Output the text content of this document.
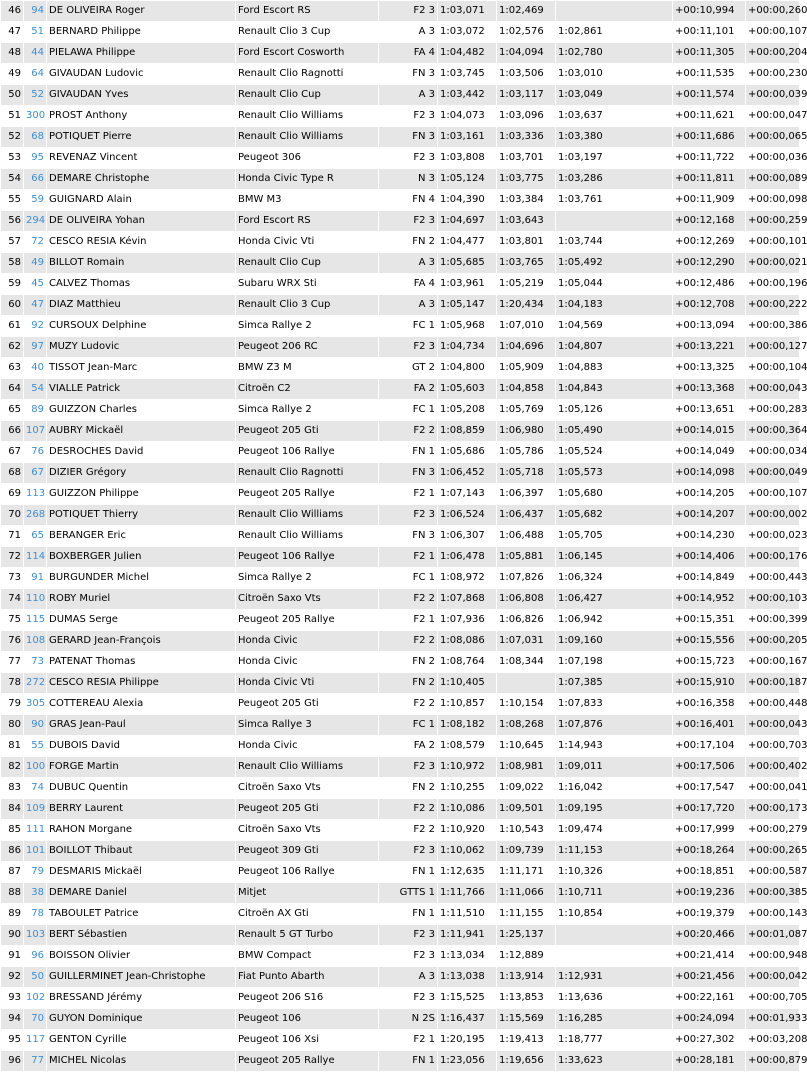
46	94	DE OLIVEIRA Roger	Ford Escort RS	F2 3	1:03,071	1:02,469		+00:10,994	+00:00,260
47	51	BERNARD Philippe	Renault Clio 3 Cup	A 3	1:03,072	1:02,576	1:02,861	+00:11,101	+00:00,107
48	44	PIELAWA Philippe	Ford Escort Cosworth	FA 4	1:04,482	1:04,094	1:02,780	+00:11,305	+00:00,204
49	64	GIVAUDAN Ludovic	Renault Clio Ragnotti	FN 3	1:03,745	1:03,506	1:03,010	+00:11,535	+00:00,230
50	52	GIVAUDAN Yves	Renault Clio Cup	A 3	1:03,442	1:03,117	1:03,049	+00:11,574	+00:00,039
51	300	PROST Anthony	Renault Clio Williams	F2 3	1:04,073	1:03,096	1:03,637	+00:11,621	+00:00,047
52	68	POTIQUET Pierre	Renault Clio Williams	FN 3	1:03,161	1:03,336	1:03,380	+00:11,686	+00:00,065
53	95	REVENAZ Vincent	Peugeot 306	F2 3	1:03,808	1:03,701	1:03,197	+00:11,722	+00:00,036
54	66	DEMARE Christophe	Honda Civic Type R	N 3	1:05,124	1:03,775	1:03,286	+00:11,811	+00:00,089
55	59	GUIGNARD Alain	BMW M3	FN 4	1:04,390	1:03,384	1:03,761	+00:11,909	+00:00,098
56	294	DE OLIVEIRA Yohan	Ford Escort RS	F2 3	1:04,697	1:03,643		+00:12,168	+00:00,259
57	72	CESCO RESIA Kévin	Honda Civic Vti	FN 2	1:04,477	1:03,801	1:03,744	+00:12,269	+00:00,101
58	49	BILLOT Romain	Renault Clio Cup	A 3	1:05,685	1:03,765	1:05,492	+00:12,290	+00:00,021
59	45	CALVEZ Thomas	Subaru WRX Sti	FA 4	1:03,961	1:05,219	1:05,044	+00:12,486	+00:00,196
60	47	DIAZ Matthieu	Renault Clio 3 Cup	A 3	1:05,147	1:20,434	1:04,183	+00:12,708	+00:00,222
61	92	CURSOUX Delphine	Simca Rallye 2	FC 1	1:05,968	1:07,010	1:04,569	+00:13,094	+00:00,386
62	97	MUZY Ludovic	Peugeot 206 RC	F2 3	1:04,734	1:04,696	1:04,807	+00:13,221	+00:00,127
63	40	TISSOT Jean-Marc	BMW Z3 M	GT 2	1:04,800	1:05,909	1:04,883	+00:13,325	+00:00,104
64	54	VIALLE Patrick	Citroën C2	FA 2	1:05,603	1:04,858	1:04,843	+00:13,368	+00:00,043
65	89	GUIZZON Charles	Simca Rallye 2	FC 1	1:05,208	1:05,769	1:05,126	+00:13,651	+00:00,283
66	107	AUBRY Mickaël	Peugeot 205 Gti	F2 2	1:08,859	1:06,980	1:05,490	+00:14,015	+00:00,364
67	76	DESROCHES David	Peugeot 106 Rallye	FN 1	1:05,686	1:05,786	1:05,524	+00:14,049	+00:00,034
68	67	DIZIER Grégory	Renault Clio Ragnotti	FN 3	1:06,452	1:05,718	1:05,573	+00:14,098	+00:00,049
69	113	GUIZZON Philippe	Peugeot 205 Rallye	F2 1	1:07,143	1:06,397	1:05,680	+00:14,205	+00:00,107
70	268	POTIQUET Thierry	Renault Clio Williams	F2 3	1:06,524	1:06,437	1:05,682	+00:14,207	+00:00,002
71	65	BERANGER Eric	Renault Clio Williams	FN 3	1:06,307	1:06,488	1:05,705	+00:14,230	+00:00,023
72	114	BOXBERGER Julien	Peugeot 106 Rallye	F2 1	1:06,478	1:05,881	1:06,145	+00:14,406	+00:00,176
73	91	BURGUNDER Michel	Simca Rallye 2	FC 1	1:08,972	1:07,826	1:06,324	+00:14,849	+00:00,443
74	110	ROBY Muriel	Citroën Saxo Vts	F2 2	1:07,868	1:06,808	1:06,427	+00:14,952	+00:00,103
75	115	DUMAS Serge	Peugeot 205 Rallye	F2 1	1:07,936	1:06,826	1:06,942	+00:15,351	+00:00,399
76	108	GERARD Jean-François	Honda Civic	F2 2	1:08,086	1:07,031	1:09,160	+00:15,556	+00:00,205
77	73	PATENAT Thomas	Honda Civic	FN 2	1:08,764	1:08,344	1:07,198	+00:15,723	+00:00,167
78	272	CESCO RESIA Philippe	Honda Civic Vti	FN 2	1:10,405		1:07,385	+00:15,910	+00:00,187
79	305	COTTEREAU Alexia	Peugeot 205 Gti	F2 2	1:10,857	1:10,154	1:07,833	+00:16,358	+00:00,448
80	90	GRAS Jean-Paul	Simca Rallye 3	FC 1	1:08,182	1:08,268	1:07,876	+00:16,401	+00:00,043
81	55	DUBOIS David	Honda Civic	FA 2	1:08,579	1:10,645	1:14,943	+00:17,104	+00:00,703
82	100	FORGE Martin	Renault Clio Williams	F2 3	1:10,972	1:08,981	1:09,011	+00:17,506	+00:00,402
83	74	DUBUC Quentin	Citroën Saxo Vts	FN 2	1:10,255	1:09,022	1:16,042	+00:17,547	+00:00,041
84	109	BERRY Laurent	Peugeot 205 Gti	F2 2	1:10,086	1:09,501	1:09,195	+00:17,720	+00:00,173
85	111	RAHON Morgane	Citroën Saxo Vts	F2 2	1:10,920	1:10,543	1:09,474	+00:17,999	+00:00,279
86	101	BOILLOT Thibaut	Peugeot 309 Gti	F2 3	1:10,062	1:09,739	1:11,153	+00:18,264	+00:00,265
87	79	DESMARIS Mickaël	Peugeot 106 Rallye	FN 1	1:12,635	1:11,171	1:10,326	+00:18,851	+00:00,587
88	38	DEMARE Daniel	Mitjet	GTTS 1	1:11,766	1:11,066	1:10,711	+00:19,236	+00:00,385
89	78	TABOULET Patrice	Citroën AX Gti	FN 1	1:11,510	1:11,155	1:10,854	+00:19,379	+00:00,143
90	103	BERT Sébastien	Renault 5 GT Turbo	F2 3	1:11,941	1:25,137		+00:20,466	+00:01,087
91	96	BOISSON Olivier	BMW Compact	F2 3	1:13,034	1:12,889		+00:21,414	+00:00,948
92	50	GUILLERMINET Jean-Christophe	Fiat Punto Abarth	A 3	1:13,038	1:13,914	1:12,931	+00:21,456	+00:00,042
93	102	BRESSAND Jérémy	Peugeot 206 S16	F2 3	1:15,525	1:13,853	1:13,636	+00:22,161	+00:00,705
94	70	GUYON Dominique	Peugeot 106	N 2S	1:16,437	1:15,569	1:16,285	+00:24,094	+00:01,933
95	117	GENTON Cyrille	Peugeot 106 Xsi	F2 1	1:20,195	1:19,413	1:18,777	+00:27,302	+00:03,208
96	77	MICHEL Nicolas	Peugeot 205 Rallye	FN 1	1:23,056	1:19,656	1:33,623	+00:28,181	+00:00,879
